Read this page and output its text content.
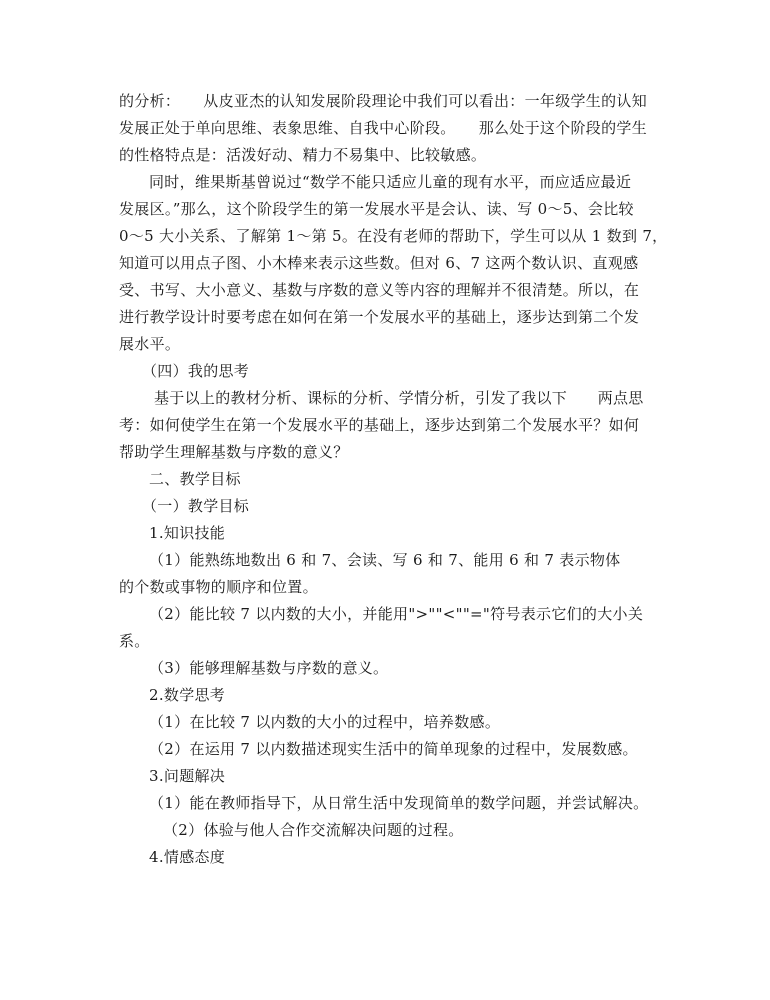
的分析：　　从皮亚杰的认知发展阶段理论中我们可以看出：一年级学生的认知
发展正处于单向思维、表象思维、自我中心阶段。　　那么处于这个阶段的学生
的性格特点是：活泼好动、精力不易集中、比较敏感。
同时，维果斯基曾说过“数学不能只适应儿童的现有水平，而应适应最近
发展区。”那么，这个阶段学生的第一发展水平是会认、读、写 0～5、会比较
0～5 大小关系、了解第 1～第 5。在没有老师的帮助下，学生可以从 1 数到 7，
知道可以用点子图、小木棒来表示这些数。但对 6、7 这两个数认识、直观感
受、书写、大小意义、基数与序数的意义等内容的理解并不很清楚。所以，在
进行教学设计时要考虑在如何在第一个发展水平的基础上，逐步达到第二个发
展水平。
（四）我的思考
基于以上的教材分析、课标的分析、学情分析，引发了我以下　　两点思
考：如何使学生在第一个发展水平的基础上，逐步达到第二个发展水平？如何
帮助学生理解基数与序数的意义？
二、教学目标
（一）教学目标
1.知识技能
（1）能熟练地数出 6 和 7、会读、写 6 和 7、能用 6 和 7 表示物体
的个数或事物的顺序和位置。
（2）能比较 7 以内数的大小，并能用">""<""="符号表示它们的大小关
系。
（3）能够理解基数与序数的意义。
2.数学思考
（1）在比较 7 以内数的大小的过程中，培养数感。
（2）在运用 7 以内数描述现实生活中的简单现象的过程中，发展数感。
3.问题解决
（1）能在教师指导下，从日常生活中发现简单的数学问题，并尝试解决。
（2）体验与他人合作交流解决问题的过程。
4.情感态度
